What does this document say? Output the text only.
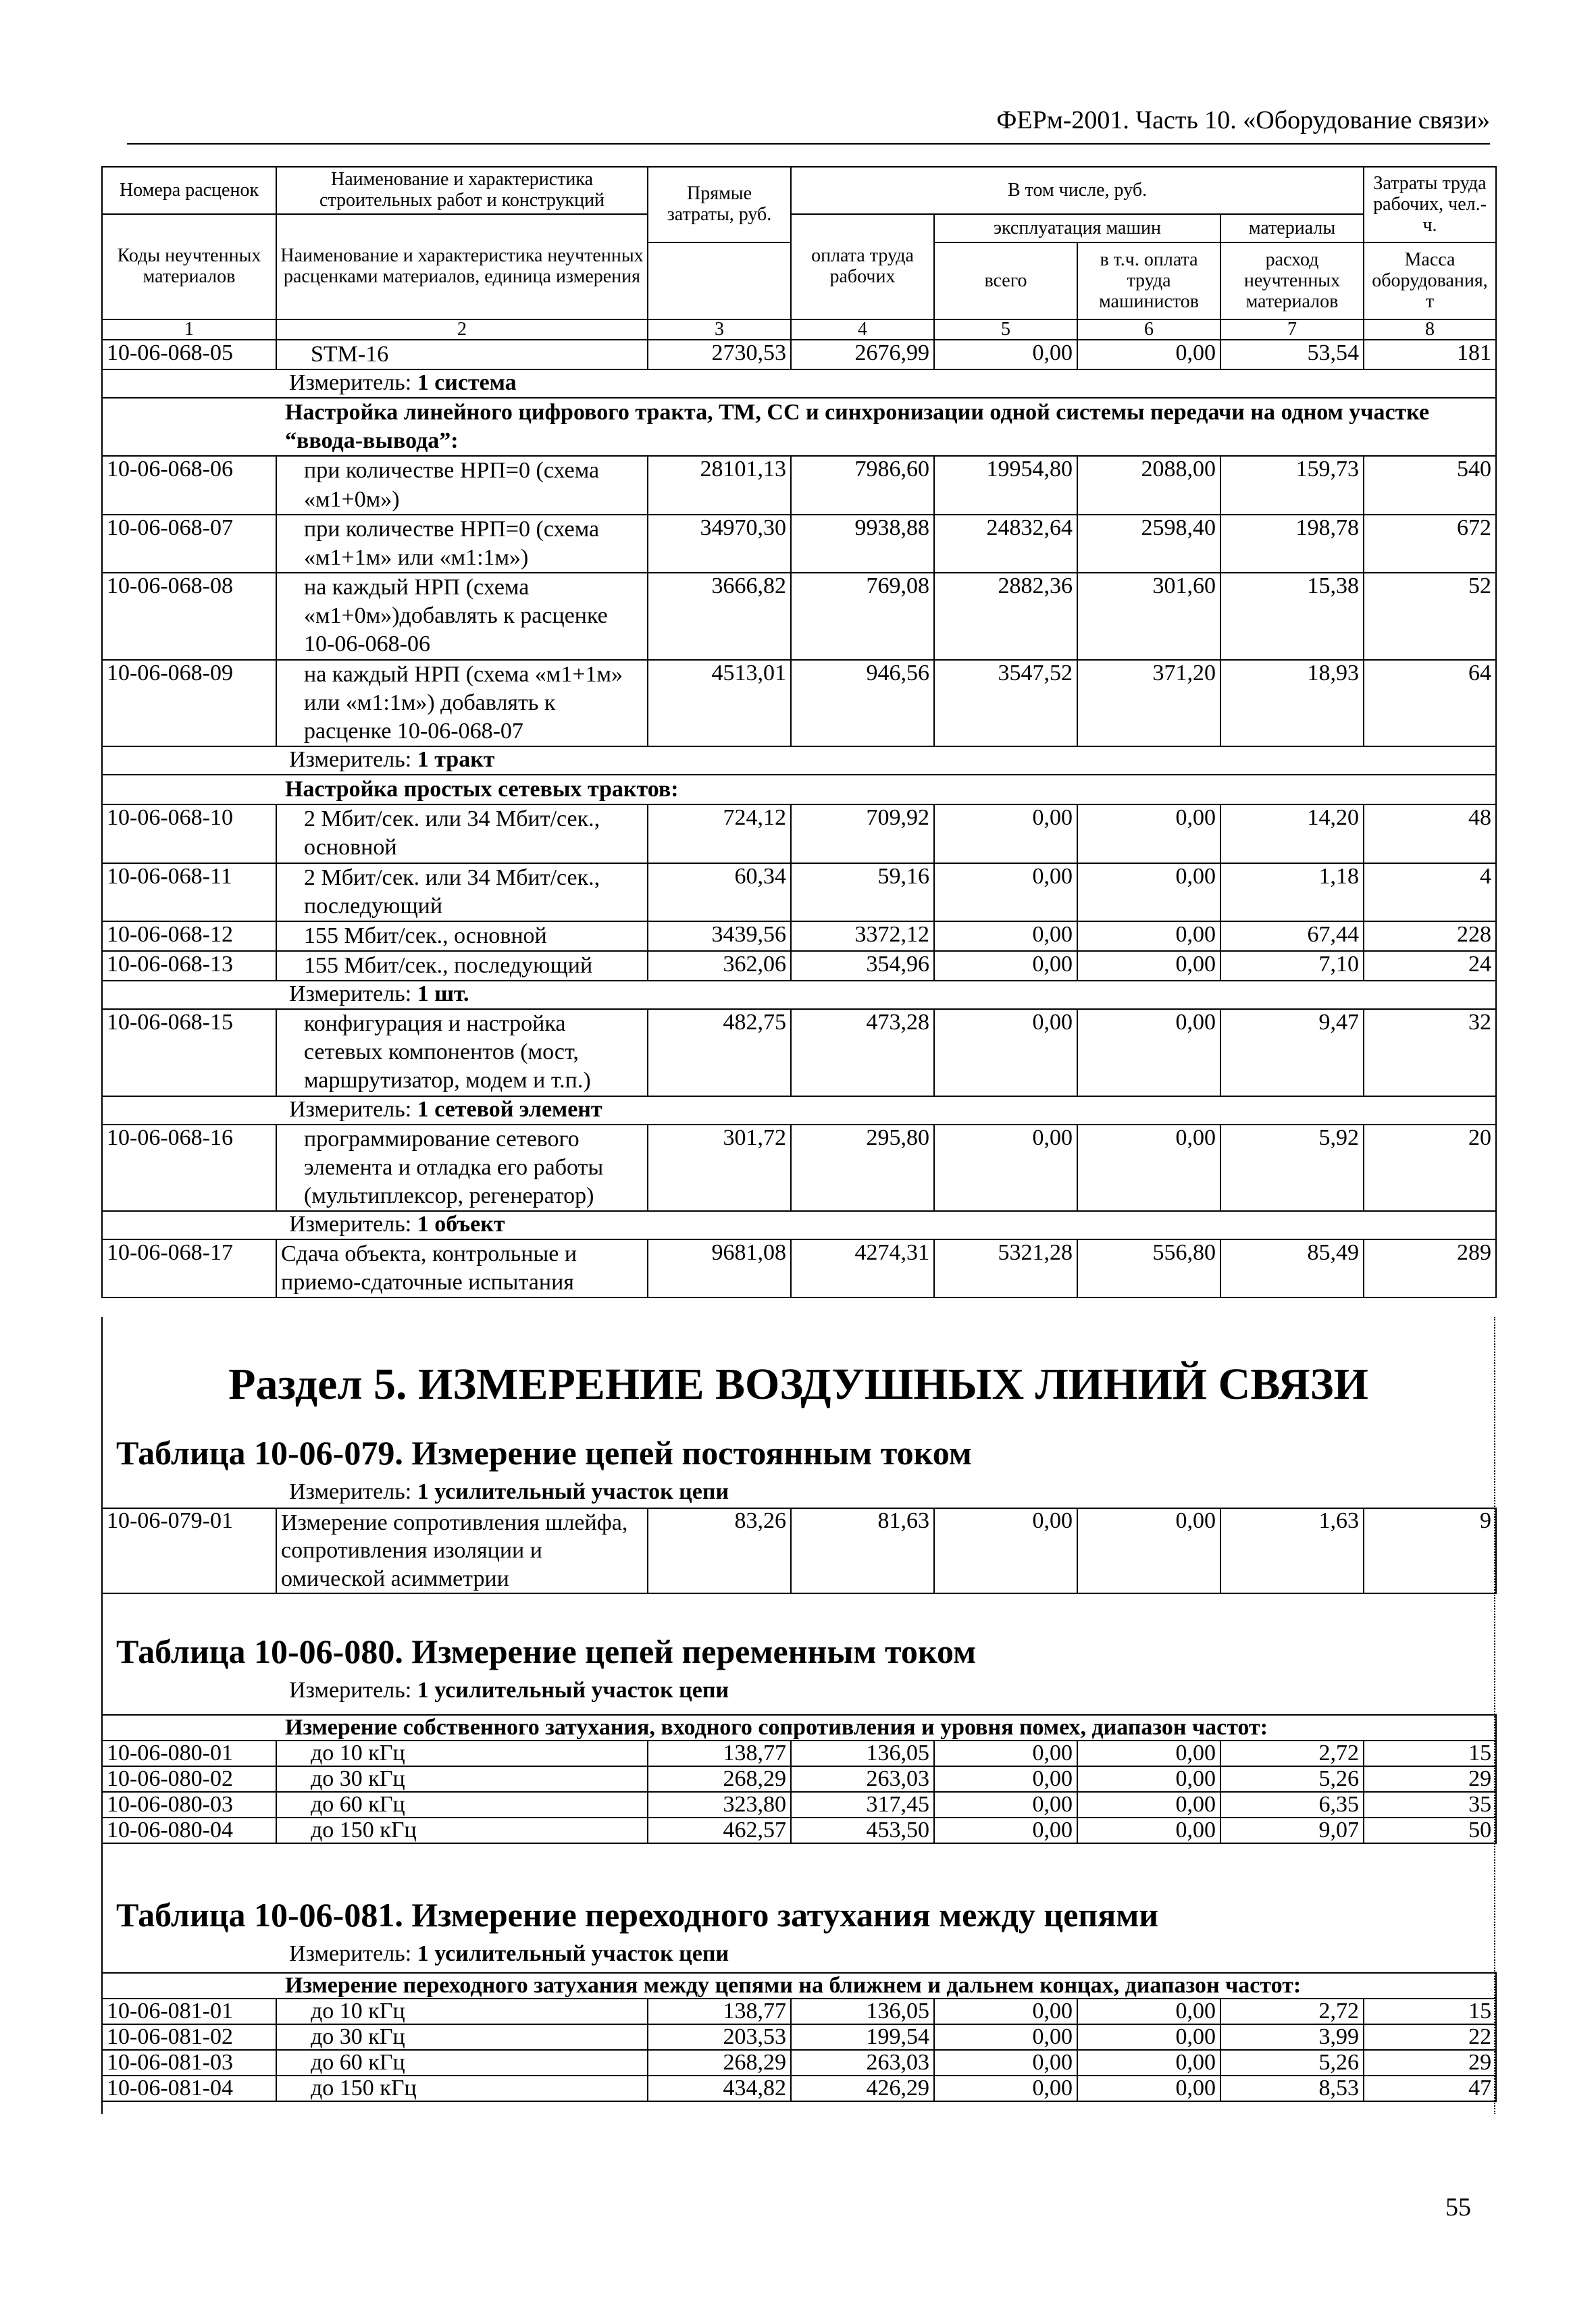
ФЕРм-2001. Часть 10. «Оборудование связи»
Номера расценок	Наименование и характеристика строительных работ и конструкций	Прямые затраты, руб.	В том числе, руб.				Затраты труда рабочих, чел.-ч.
Коды неучтенных материалов	Наименование и характеристика неучтенных расценками материалов, единица измерения		оплата труда рабочих	эксплуатация машин		материалы	
				всего	в т.ч. оплата труда машинистов	расход неучтенных материалов	Масса оборудования, т
1	2	3	4	5	6	7	8
10-06-068-05	STM-16	2730,53	2676,99	0,00	0,00	53,54	181
Измеритель: 1 система							
Настройка линейного цифрового тракта, ТМ, СС и синхронизации одной системы передачи на одном участке “ввода-вывода”:							
10-06-068-06	при количестве НРП=0 (схема «м1+0м»)	28101,13	7986,60	19954,80	2088,00	159,73	540
10-06-068-07	при количестве НРП=0 (схема «м1+1м» или «м1:1м»)	34970,30	9938,88	24832,64	2598,40	198,78	672
10-06-068-08	на каждый НРП (схема «м1+0м»)добавлять к расценке 10-06-068-06	3666,82	769,08	2882,36	301,60	15,38	52
10-06-068-09	на каждый НРП (схема «м1+1м» или «м1:1м») добавлять к расценке 10-06-068-07	4513,01	946,56	3547,52	371,20	18,93	64
Измеритель: 1 тракт							
Настройка простых сетевых трактов:							
10-06-068-10	2 Мбит/сек. или 34 Мбит/сек., основной	724,12	709,92	0,00	0,00	14,20	48
10-06-068-11	2 Мбит/сек. или 34 Мбит/сек., последующий	60,34	59,16	0,00	0,00	1,18	4
10-06-068-12	155 Мбит/сек., основной	3439,56	3372,12	0,00	0,00	67,44	228
10-06-068-13	155 Мбит/сек., последующий	362,06	354,96	0,00	0,00	7,10	24
Измеритель: 1 шт.							
10-06-068-15	конфигурация и настройка сетевых компонентов (мост, маршрутизатор, модем и т.п.)	482,75	473,28	0,00	0,00	9,47	32
Измеритель: 1 сетевой элемент							
10-06-068-16	программирование сетевого элемента и отладка его работы (мультиплексор, регенератор)	301,72	295,80	0,00	0,00	5,92	20
Измеритель: 1 объект							
10-06-068-17	Сдача объекта, контрольные и приемо-сдаточные испытания	9681,08	4274,31	5321,28	556,80	85,49	289
Раздел 5. ИЗМЕРЕНИЕ ВОЗДУШНЫХ ЛИНИЙ СВЯЗИ
Таблица 10-06-079. Измерение цепей постоянным током
Измеритель: 1 усилительный участок цепи
10-06-079-01	Измерение сопротивления шлейфа, сопротивления изоляции и омической асимметрии	83,26	81,63	0,00	0,00	1,63	9
Таблица 10-06-080. Измерение цепей переменным током
Измеритель: 1 усилительный участок цепи
Измерение собственного затухания, входного сопротивления и уровня помех, диапазон частот:							
10-06-080-01	до 10 кГц	138,77	136,05	0,00	0,00	2,72	15
10-06-080-02	до 30 кГц	268,29	263,03	0,00	0,00	5,26	29
10-06-080-03	до 60 кГц	323,80	317,45	0,00	0,00	6,35	35
10-06-080-04	до 150 кГц	462,57	453,50	0,00	0,00	9,07	50
Таблица 10-06-081. Измерение переходного затухания между цепями
Измеритель: 1 усилительный участок цепи
Измерение переходного затухания между цепями на ближнем и дальнем концах, диапазон частот:							
10-06-081-01	до 10 кГц	138,77	136,05	0,00	0,00	2,72	15
10-06-081-02	до 30 кГц	203,53	199,54	0,00	0,00	3,99	22
10-06-081-03	до 60 кГц	268,29	263,03	0,00	0,00	5,26	29
10-06-081-04	до 150 кГц	434,82	426,29	0,00	0,00	8,53	47
55
